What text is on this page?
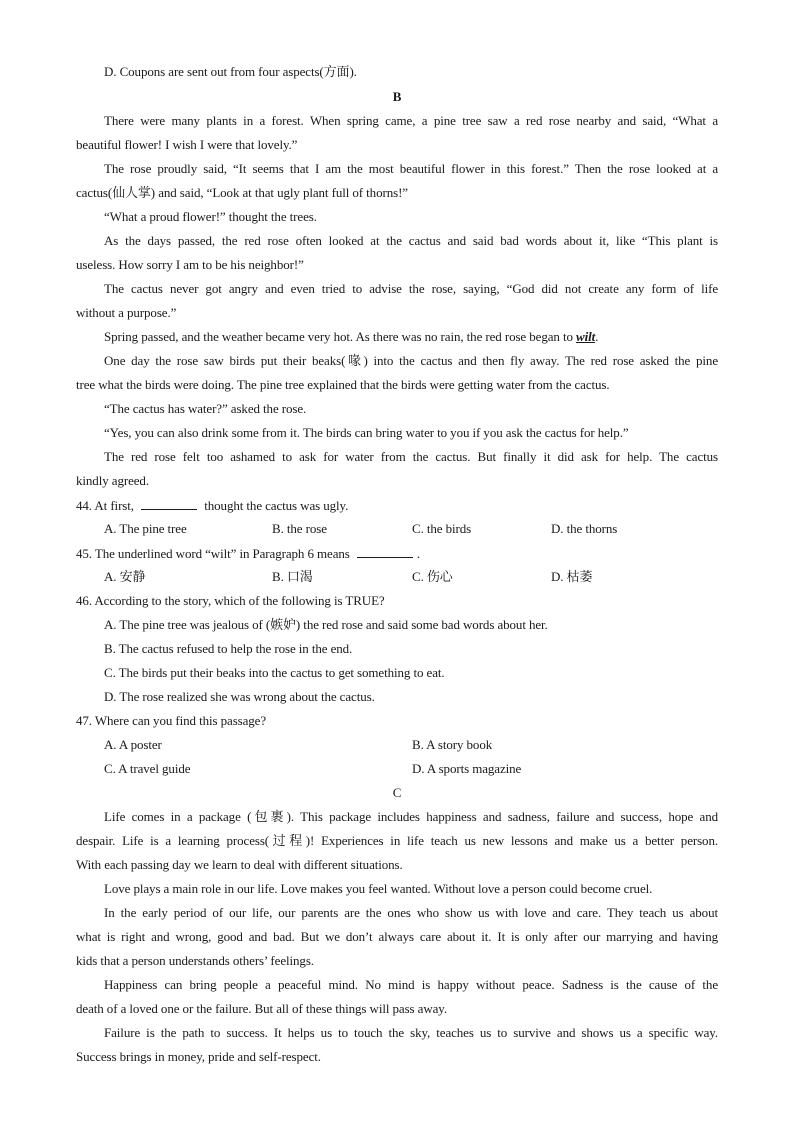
D. Coupons are sent out from four aspects(方面).
B
There were many plants in a forest. When spring came, a pine tree saw a red rose nearby and said, “What a
beautiful flower! I wish I were that lovely.”
The rose proudly said, “It seems that I am the most beautiful flower in this forest.” Then the rose looked at a
cactus(仙人掌) and said, “Look at that ugly plant full of thorns!”
“What a proud flower!” thought the trees.
As the days passed, the red rose often looked at the cactus and said bad words about it, like “This plant is
useless. How sorry I am to be his neighbor!”
The cactus never got angry and even tried to advise the rose, saying, “God did not create any form of life
without a purpose.”
Spring passed, and the weather became very hot. As there was no rain, the red rose began to wilt.
One day the rose saw birds put their beaks(喙) into the cactus and then fly away. The red rose asked the pine
tree what the birds were doing. The pine tree explained that the birds were getting water from the cactus.
“The cactus has water?” asked the rose.
“Yes, you can also drink some from it. The birds can bring water to you if you ask the cactus for help.”
The red rose felt too ashamed to ask for water from the cactus. But finally it did ask for help. The cactus
kindly agreed.
44. At first,	thought the cactus was ugly.
A. The pine tree	B. the rose	C. the birds	D. the thorns
45. The underlined word “wilt” in Paragraph 6 means	.
A. 安静	B. 口渴	C. 伤心	D. 枯萎
46. According to the story, which of the following is TRUE?
A. The pine tree was jealous of (嫉妒) the red rose and said some bad words about her.
B. The cactus refused to help the rose in the end.
C. The birds put their beaks into the cactus to get something to eat.
D. The rose realized she was wrong about the cactus.
47. Where can you find this passage?
A. A poster	B. A story book
C. A travel guide	D. A sports magazine
C
Life comes in a package (包裹). This package includes happiness and sadness, failure and success, hope and
despair. Life is a learning process(过程)! Experiences in life teach us new lessons and make us a better person.
With each passing day we learn to deal with different situations.
Love plays a main role in our life. Love makes you feel wanted. Without love a person could become cruel.
In the early period of our life, our parents are the ones who show us with love and care. They teach us about
what is right and wrong, good and bad. But we don’t always care about it. It is only after our marrying and having
kids that a person understands others’ feelings.
Happiness can bring people a peaceful mind. No mind is happy without peace. Sadness is the cause of the
death of a loved one or the failure. But all of these things will pass away.
Failure is the path to success. It helps us to touch the sky, teaches us to survive and shows us a specific way.
Success brings in money, pride and self-respect.
